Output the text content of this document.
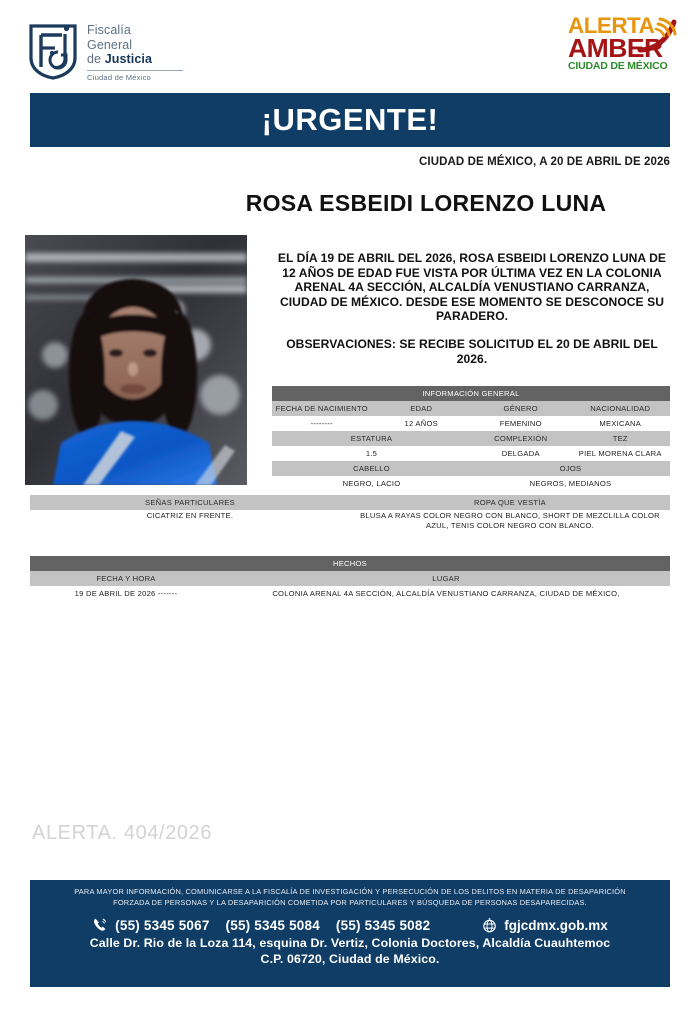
Fiscalía
General
de Justicia
Ciudad de México
ALERTA
AMBER
CIUDAD DE MÉXICO
¡URGENTE!
CIUDAD DE MÉXICO, A 20 DE ABRIL DE 2026
ROSA ESBEIDI LORENZO LUNA
EL DÍA 19 DE ABRIL DEL 2026, ROSA ESBEIDI LORENZO LUNA DE 12 AÑOS DE EDAD FUE VISTA POR ÚLTIMA VEZ EN LA COLONIA ARENAL 4A SECCIÓN, ALCALDÍA VENUSTIANO CARRANZA, CIUDAD DE MÉXICO. DESDE ESE MOMENTO SE DESCONOCE SU PARADERO.
OBSERVACIONES: SE RECIBE SOLICITUD EL 20 DE ABRIL DEL 2026.
INFORMACIÓN GENERAL			
FECHA DE NACIMIENTO	EDAD	GÉNERO	NACIONALIDAD
--------	12 AÑOS	FEMENINO	MEXICANA
ESTATURA		COMPLEXIÓN	TEZ
1.5		DELGADA	PIEL MORENA CLARA
CABELLO		OJOS	
NEGRO, LACIO		NEGROS, MEDIANOS	
SEÑAS PARTICULARES	ROPA QUE VESTÍA
CICATRIZ EN FRENTE.	BLUSA A RAYAS COLOR NEGRO CON BLANCO, SHORT DE MEZCLILLA COLOR AZUL, TENIS COLOR NEGRO CON BLANCO.
HECHOS	
FECHA Y HORA	LUGAR
19 DE ABRIL DE 2026 -------	COLONIA ARENAL 4A SECCIÓN, ALCALDÍA VENUSTIANO CARRANZA, CIUDAD DE MÉXICO,
ALERTA. 404/2026
PARA MAYOR INFORMACIÓN, COMUNICARSE A LA FISCALÍA DE INVESTIGACIÓN Y PERSECUCIÓN DE LOS DELITOS EN MATERIA DE DESAPARICIÓN
FORZADA DE PERSONAS Y LA DESAPARICIÓN COMETIDA POR PARTICULARES Y BÚSQUEDA DE PERSONAS DESAPARECIDAS.
(55) 5345 5067 (55) 5345 5084 (55) 5345 5082	fgjcdmx.gob.mx
Calle Dr. Rio de la Loza 114, esquina Dr. Vertiz, Colonia Doctores, Alcaldía Cuauhtemoc
C.P. 06720, Ciudad de México.
